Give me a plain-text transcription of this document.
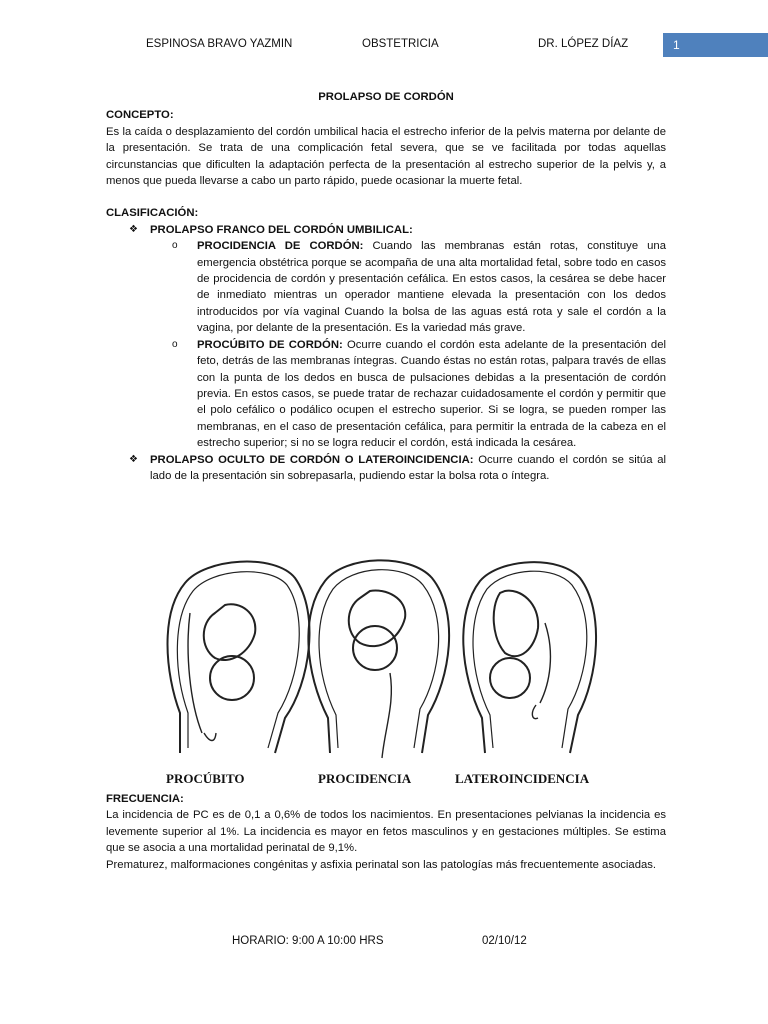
ESPINOSA BRAVO YAZMIN	OBSTETRICIA	DR. LÓPEZ DÍAZ	1

PROLAPSO DE CORDÓN

CONCEPTO:

Es la caída o desplazamiento del cordón umbilical hacia el estrecho inferior de la pelvis materna por delante de la presentación. Se trata de una complicación fetal severa, que se ve facilitada por todas aquellas circunstancias que dificulten la adaptación perfecta de la presentación al estrecho superior de la pelvis y, a menos que pueda llevarse a cabo un parto rápido, puede ocasionar la muerte fetal.

CLASIFICACIÓN:

❖	PROLAPSO FRANCO DEL CORDÓN UMBILICAL:
o	PROCIDENCIA DE CORDÓN: Cuando las membranas están rotas, constituye una emergencia obstétrica porque se acompaña de una alta mortalidad fetal, sobre todo en casos de procidencia de cordón y presentación cefálica. En estos casos, la cesárea se debe hacer de inmediato mientras un operador mantiene elevada la presentación con los dedos introducidos por vía vaginal Cuando la bolsa de las aguas está rota y sale el cordón a la vagina, por delante de la presentación. Es la variedad más grave.
o	PROCÚBITO DE CORDÓN: Ocurre cuando el cordón esta adelante de la presentación del feto, detrás de las membranas íntegras. Cuando éstas no están rotas, palpara través de ellas con la punta de los dedos en busca de pulsaciones debidas a la presentación de cordón previa. En estos casos, se puede tratar de rechazar cuidadosamente el cordón y permitir que el polo cefálico o podálico ocupen el estrecho superior. Si se logra, se pueden romper las membranas, en el caso de presentación cefálica, para permitir la entrada de la cabeza en el estrecho superior; si no se logra reducir el cordón, está indicada la cesárea.
❖	PROLAPSO OCULTO DE CORDÓN O LATEROINCIDENCIA: Ocurre cuando el cordón se sitúa al lado de la presentación sin sobrepasarla, pudiendo estar la bolsa rota o íntegra.
PROCÚBITO	PROCIDENCIA	LATEROINCIDENCIA

FRECUENCIA:

La incidencia de PC es de 0,1 a 0,6% de todos los nacimientos. En presentaciones pelvianas la incidencia es levemente superior al 1%. La incidencia es mayor en fetos masculinos y en gestaciones múltiples. Se estima que se asocia a una mortalidad perinatal de 9,1%.

Prematurez, malformaciones congénitas y asfixia perinatal son las patologías más frecuentemente asociadas.

HORARIO: 9:00 A 10:00 HRS	02/10/12
